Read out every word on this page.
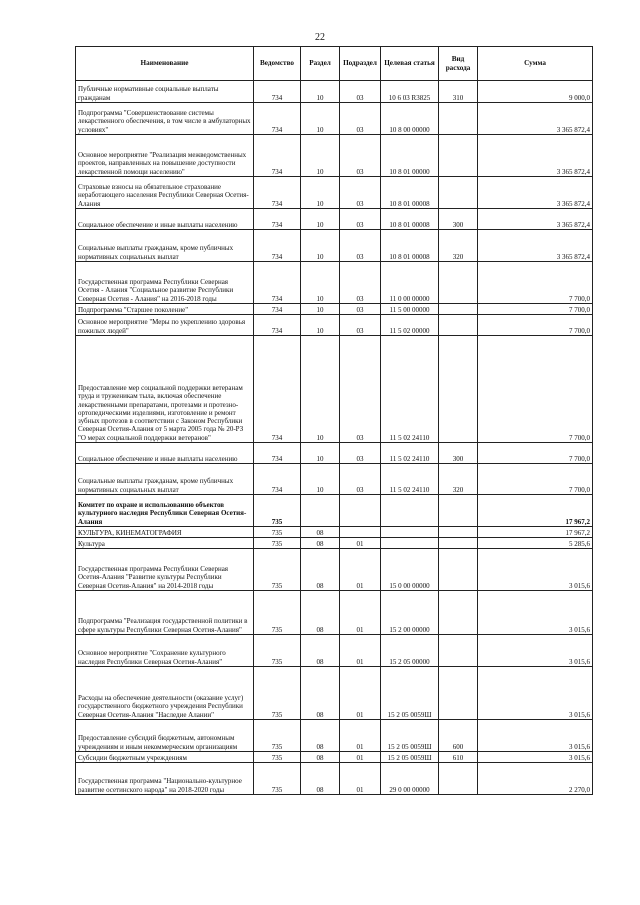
22
Наименование	Ведомство	Раздел	Подраздел	Целевая статья	Вид расхода	Сумма
Публичные нормативные социальные выплаты гражданам	734	10	03	10 6 03 R3825	310	9 000,0
Подпрограмма "Совершенствование системы лекарственного обеспечения, в том числе в амбулаторных условиях"	734	10	03	10 8 00 00000		3 365 872,4
Основное мероприятие "Реализация межведомственных проектов, направленных на повышение доступности лекарственной помощи населению"	734	10	03	10 8 01 00000		3 365 872,4
Страховые взносы на обязательное страхование неработающего населения Республики Северная Осетия-Алания	734	10	03	10 8 01 00008		3 365 872,4
Социальное обеспечение и иные выплаты населению	734	10	03	10 8 01 00008	300	3 365 872,4
Социальные выплаты гражданам, кроме публичных нормативных социальных выплат	734	10	03	10 8 01 00008	320	3 365 872,4
Государственная программа Республики Северная Осетия - Алания "Социальное развитие Республики Северная Осетия - Алания" на 2016-2018 годы	734	10	03	11 0 00 00000		7 700,0
Подпрограмма "Старшее поколение"	734	10	03	11 5 00 00000		7 700,0
Основное мероприятие "Меры по укреплению здоровья пожилых людей"	734	10	03	11 5 02 00000		7 700,0
Предоставление мер социальной поддержки ветеранам труда и труженикам тыла, включая обеспечение лекарственными препаратами, протезами и протезно-ортопедическими изделиями, изготовление и ремонт зубных протезов в соответствии с Законом Республики Северная Осетия-Алания от 5 марта 2005 года № 20-РЗ "О мерах социальной поддержки ветеранов"	734	10	03	11 5 02 24110		7 700,0
Социальное обеспечение и иные выплаты населению	734	10	03	11 5 02 24110	300	7 700,0
Социальные выплаты гражданам, кроме публичных нормативных социальных выплат	734	10	03	11 5 02 24110	320	7 700,0
Комитет по охране и использованию объектов культурного наследия Республики Северная Осетия-Алания	735					17 967,2
КУЛЬТУРА, КИНЕМАТОГРАФИЯ	735	08				17 967,2
Культура	735	08	01			5 285,6
Государственная программа Республики Северная Осетия-Алания "Развитие культуры Республики Северная Осетия-Алания" на 2014-2018 годы	735	08	01	15 0 00 00000		3 015,6
Подпрограмма "Реализация государственной политики в сфере культуры Республики Северная Осетия-Алания"	735	08	01	15 2 00 00000		3 015,6
Основное мероприятие "Сохранение культурного наследия Республики Северная Осетия-Алания"	735	08	01	15 2 05 00000		3 015,6
Расходы на обеспечение деятельности (оказание услуг) государственного бюджетного учреждения Республики Северная Осетия-Алания "Наследие Алании"	735	08	01	15 2 05 0059Ш		3 015,6
Предоставление субсидий бюджетным, автономным учреждениям и иным некоммерческим организациям	735	08	01	15 2 05 0059Ш	600	3 015,6
Субсидии бюджетным учреждениям	735	08	01	15 2 05 0059Ш	610	3 015,6
Государственная программа "Национально-культурное развитие осетинского народа" на 2018-2020 годы	735	08	01	29 0 00 00000		2 270,0
